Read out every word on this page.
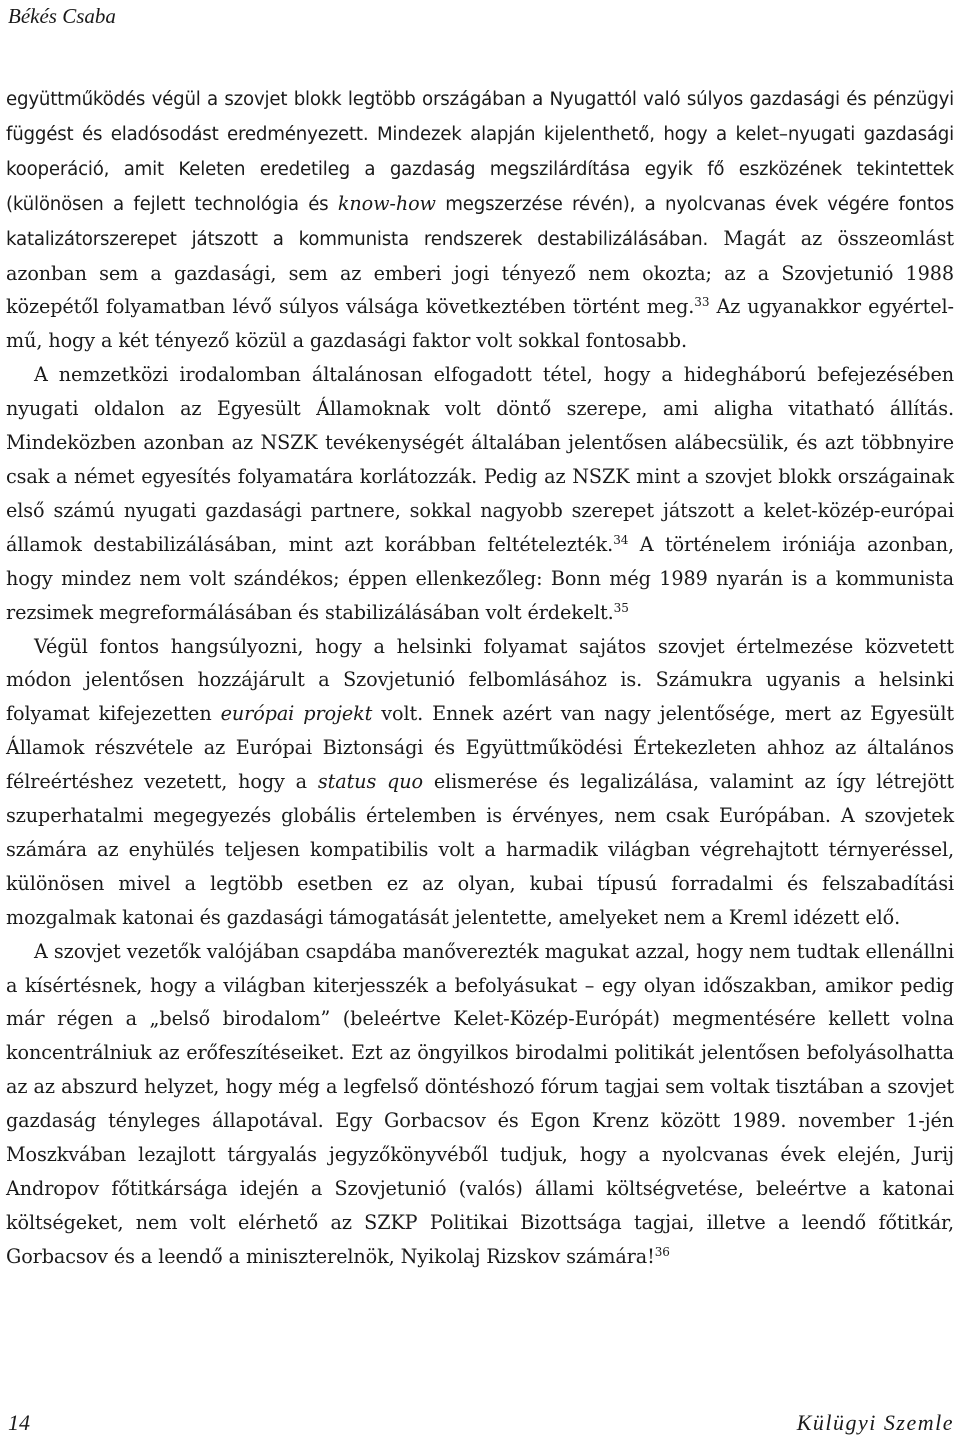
Békés Csaba

együttműködés végül a szovjet blokk legtöbb országában a Nyugattól való súlyos gazdasági és pénzügyi függést és eladósodást eredményezett. Mindezek alapján kijelenthető, hogy a kelet–nyugati gazdasági kooperáció, amit Keleten eredetileg a gazdaság megszilárdítása egyik fő eszközének tekintettek (különösen a fejlett technológia és know-how megszerzése révén), a nyolcvanas évek végére fontos katalizátorszerepet játszott a kommunista rendszerek destabilizálásában. Magát az összeomlást azonban sem a gazdasági, sem az emberi jogi tényező nem okozta; az a Szovjetunió 1988 közepétől folyamatban lévő súlyos válsága következtében történt meg.$^{33}$ Az ugyanakkor egyértelmű, hogy a két tényező közül a gazdasági faktor volt sokkal fontosabb.

A nemzetközi irodalomban általánosan elfogadott tétel, hogy a hidegháború befejezésében nyugati oldalon az Egyesült Államoknak volt döntő szerepe, ami aligha vitatható állítás. Mindeközben azonban az NSZK tevékenységét általában jelentősen alábecsülik, és azt többnyire csak a német egyesítés folyamatára korlátozzák. Pedig az NSZK mint a szovjet blokk országainak első számú nyugati gazdasági partnere, sokkal nagyobb szerepet játszott a kelet-közép-európai államok destabilizálásában, mint azt korábban feltételezték.$^{34}$ A történelem iróniája azonban, hogy mindez nem volt szándékos; éppen ellenkezőleg: Bonn még 1989 nyarán is a kommunista rezsimek megreformálásában és stabilizálásában volt érdekelt.$^{35}$

Végül fontos hangsúlyozni, hogy a helsinki folyamat sajátos szovjet értelmezése közvetett módon jelentősen hozzájárult a Szovjetunió felbomlásához is. Számukra ugyanis a helsinki folyamat kifejezetten európai projekt volt. Ennek azért van nagy jelentősége, mert az Egyesült Államok részvétele az Európai Biztonsági és Együttműködési Értekezleten ahhoz az általános félreértéshez vezetett, hogy a status quo elismerése és legalizálása, valamint az így létrejött szuperhatalmi megegyezés globális értelemben is érvényes, nem csak Európában. A szovjetek számára az enyhülés teljesen kompatibilis volt a harmadik világban végrehajtott térnyeréssel, különösen mivel a legtöbb esetben ez az olyan, kubai típusú forradalmi és felszabadítási mozgalmak katonai és gazdasági támogatását jelentette, amelyeket nem a Kreml idézett elő.

A szovjet vezetők valójában csapdába manőverezték magukat azzal, hogy nem tudtak ellenállni a kísértésnek, hogy a világban kiterjesszék a befolyásukat – egy olyan időszakban, amikor pedig már régen a „belső birodalom” (beleértve Kelet-Közép-Európát) megmentésére kellett volna koncentrálniuk az erőfeszítéseiket. Ezt az öngyilkos birodalmi politikát jelentősen befolyásolhatta az az abszurd helyzet, hogy még a legfelső döntéshozó fórum tagjai sem voltak tisztában a szovjet gazdaság tényleges állapotával. Egy Gorbacsov és Egon Krenz között 1989. november 1-jén Moszkvában lezajlott tárgyalás jegyzőkönyvéből tudjuk, hogy a nyolcvanas évek elején, Jurij Andropov főtitkársága idején a Szovjetunió (valós) állami költségvetése, beleértve a katonai költségeket, nem volt elérhető az SZKP Politikai Bizottsága tagjai, illetve a leendő főtitkár, Gorbacsov és a leendő a miniszterelnök, Nyikolaj Rizskov számára!$^{36}$

14	Külügyi Szemle
